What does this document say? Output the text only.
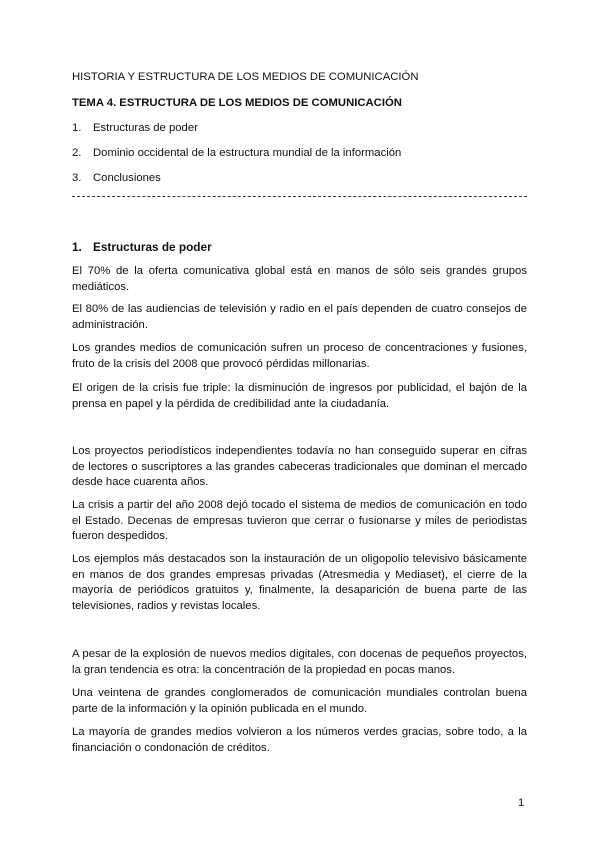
HISTORIA Y ESTRUCTURA DE LOS MEDIOS DE COMUNICACIÓN
TEMA 4. ESTRUCTURA DE LOS MEDIOS DE COMUNICACIÓN
1. Estructuras de poder
2. Dominio occidental de la estructura mundial de la información
3. Conclusiones
1. Estructuras de poder
El 70% de la oferta comunicativa global está en manos de sólo seis grandes grupos mediáticos.
El 80% de las audiencias de televisión y radio en el país dependen de cuatro consejos de administración.
Los grandes medios de comunicación sufren un proceso de concentraciones y fusiones, fruto de la crisis del 2008 que provocó pérdidas millonarias.
El origen de la crisis fue triple: la disminución de ingresos por publicidad, el bajón de la prensa en papel y la pérdida de credibilidad ante la ciudadanía.
Los proyectos periodísticos independientes todavía no han conseguido superar en cifras de lectores o suscriptores a las grandes cabeceras tradicionales que dominan el mercado desde hace cuarenta años.
La crisis a partir del año 2008 dejó tocado el sistema de medios de comunicación en todo el Estado. Decenas de empresas tuvieron que cerrar o fusionarse y miles de periodistas fueron despedidos.
Los ejemplos más destacados son la instauración de un oligopolio televisivo básicamente en manos de dos grandes empresas privadas (Atresmedia y Mediaset), el cierre de la mayoría de periódicos gratuitos y, finalmente, la desaparición de buena parte de las televisiones, radios y revistas locales.
A pesar de la explosión de nuevos medios digitales, con docenas de pequeños proyectos, la gran tendencia es otra: la concentración de la propiedad en pocas manos.
Una veintena de grandes conglomerados de comunicación mundiales controlan buena parte de la información y la opinión publicada en el mundo.
La mayoría de grandes medios volvieron a los números verdes gracias, sobre todo, a la financiación o condonación de créditos.
1
